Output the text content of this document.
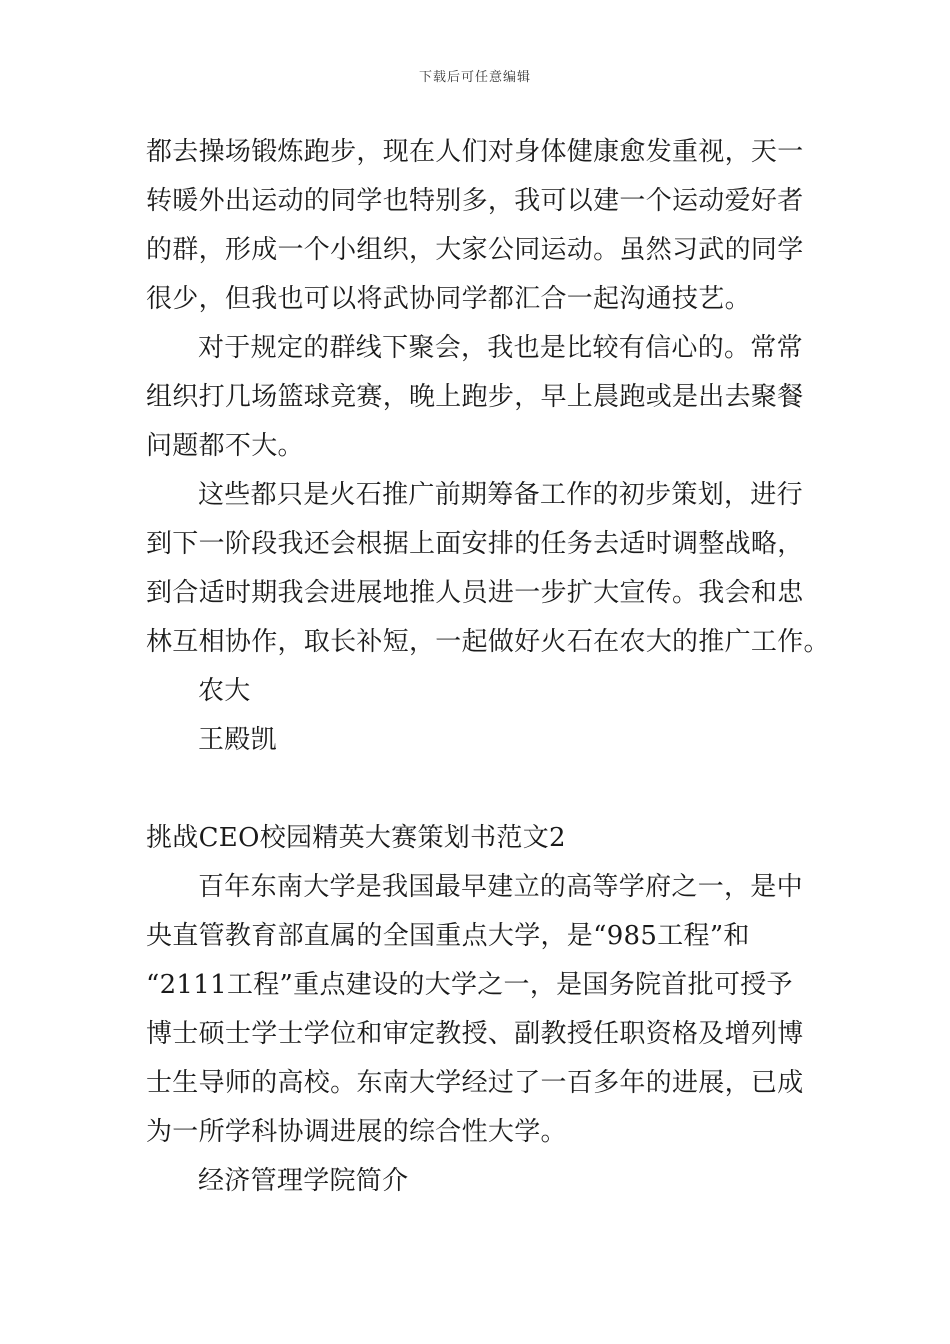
下载后可任意编辑
都去操场锻炼跑步，现在人们对身体健康愈发重视，天一
转暖外出运动的同学也特别多，我可以建一个运动爱好者
的群，形成一个小组织，大家公同运动。虽然习武的同学
很少，但我也可以将武协同学都汇合一起沟通技艺。
对于规定的群线下聚会，我也是比较有信心的。常常
组织打几场篮球竞赛，晚上跑步，早上晨跑或是出去聚餐
问题都不大。
这些都只是火石推广前期筹备工作的初步策划，进行
到下一阶段我还会根据上面安排的任务去适时调整战略，
到合适时期我会进展地推人员进一步扩大宣传。我会和忠
林互相协作，取长补短，一起做好火石在农大的推广工作。
农大
王殿凯
挑战CEO校园精英大赛策划书范文2
百年东南大学是我国最早建立的高等学府之一，是中
央直管教育部直属的全国重点大学，是“985工程”和
“2111工程”重点建设的大学之一，是国务院首批可授予
博士硕士学士学位和审定教授、副教授任职资格及增列博
士生导师的高校。东南大学经过了一百多年的进展，已成
为一所学科协调进展的综合性大学。
经济管理学院简介
